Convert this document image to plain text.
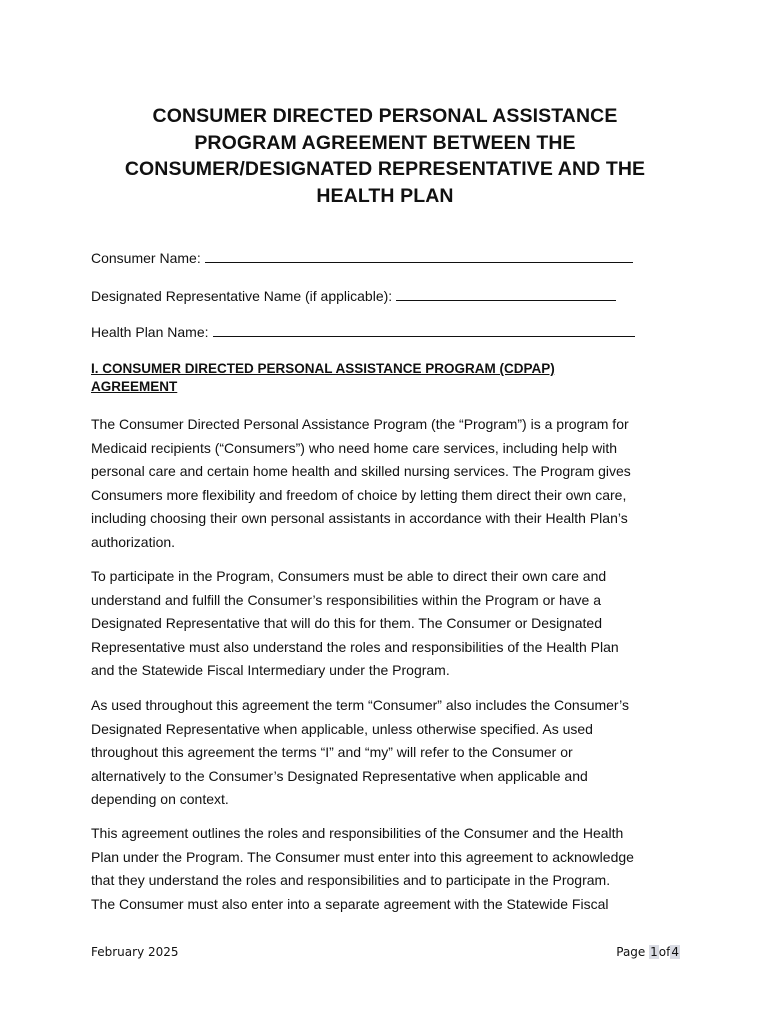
CONSUMER DIRECTED PERSONAL ASSISTANCE
PROGRAM AGREEMENT BETWEEN THE
CONSUMER/DESIGNATED REPRESENTATIVE AND THE
HEALTH PLAN
Consumer Name:
Designated Representative Name (if applicable):
Health Plan Name:
I. CONSUMER DIRECTED PERSONAL ASSISTANCE PROGRAM (CDPAP)
AGREEMENT
The Consumer Directed Personal Assistance Program (the “Program”) is a program for
Medicaid recipients (“Consumers”) who need home care services, including help with
personal care and certain home health and skilled nursing services. The Program gives
Consumers more flexibility and freedom of choice by letting them direct their own care,
including choosing their own personal assistants in accordance with their Health Plan’s
authorization.
To participate in the Program, Consumers must be able to direct their own care and
understand and fulfill the Consumer’s responsibilities within the Program or have a
Designated Representative that will do this for them. The Consumer or Designated
Representative must also understand the roles and responsibilities of the Health Plan
and the Statewide Fiscal Intermediary under the Program.
As used throughout this agreement the term “Consumer” also includes the Consumer’s
Designated Representative when applicable, unless otherwise specified. As used
throughout this agreement the terms “I” and “my” will refer to the Consumer or
alternatively to the Consumer’s Designated Representative when applicable and
depending on context.
This agreement outlines the roles and responsibilities of the Consumer and the Health
Plan under the Program. The Consumer must enter into this agreement to acknowledge
that they understand the roles and responsibilities and to participate in the Program.
The Consumer must also enter into a separate agreement with the Statewide Fiscal
February 2025	Page 1of4
